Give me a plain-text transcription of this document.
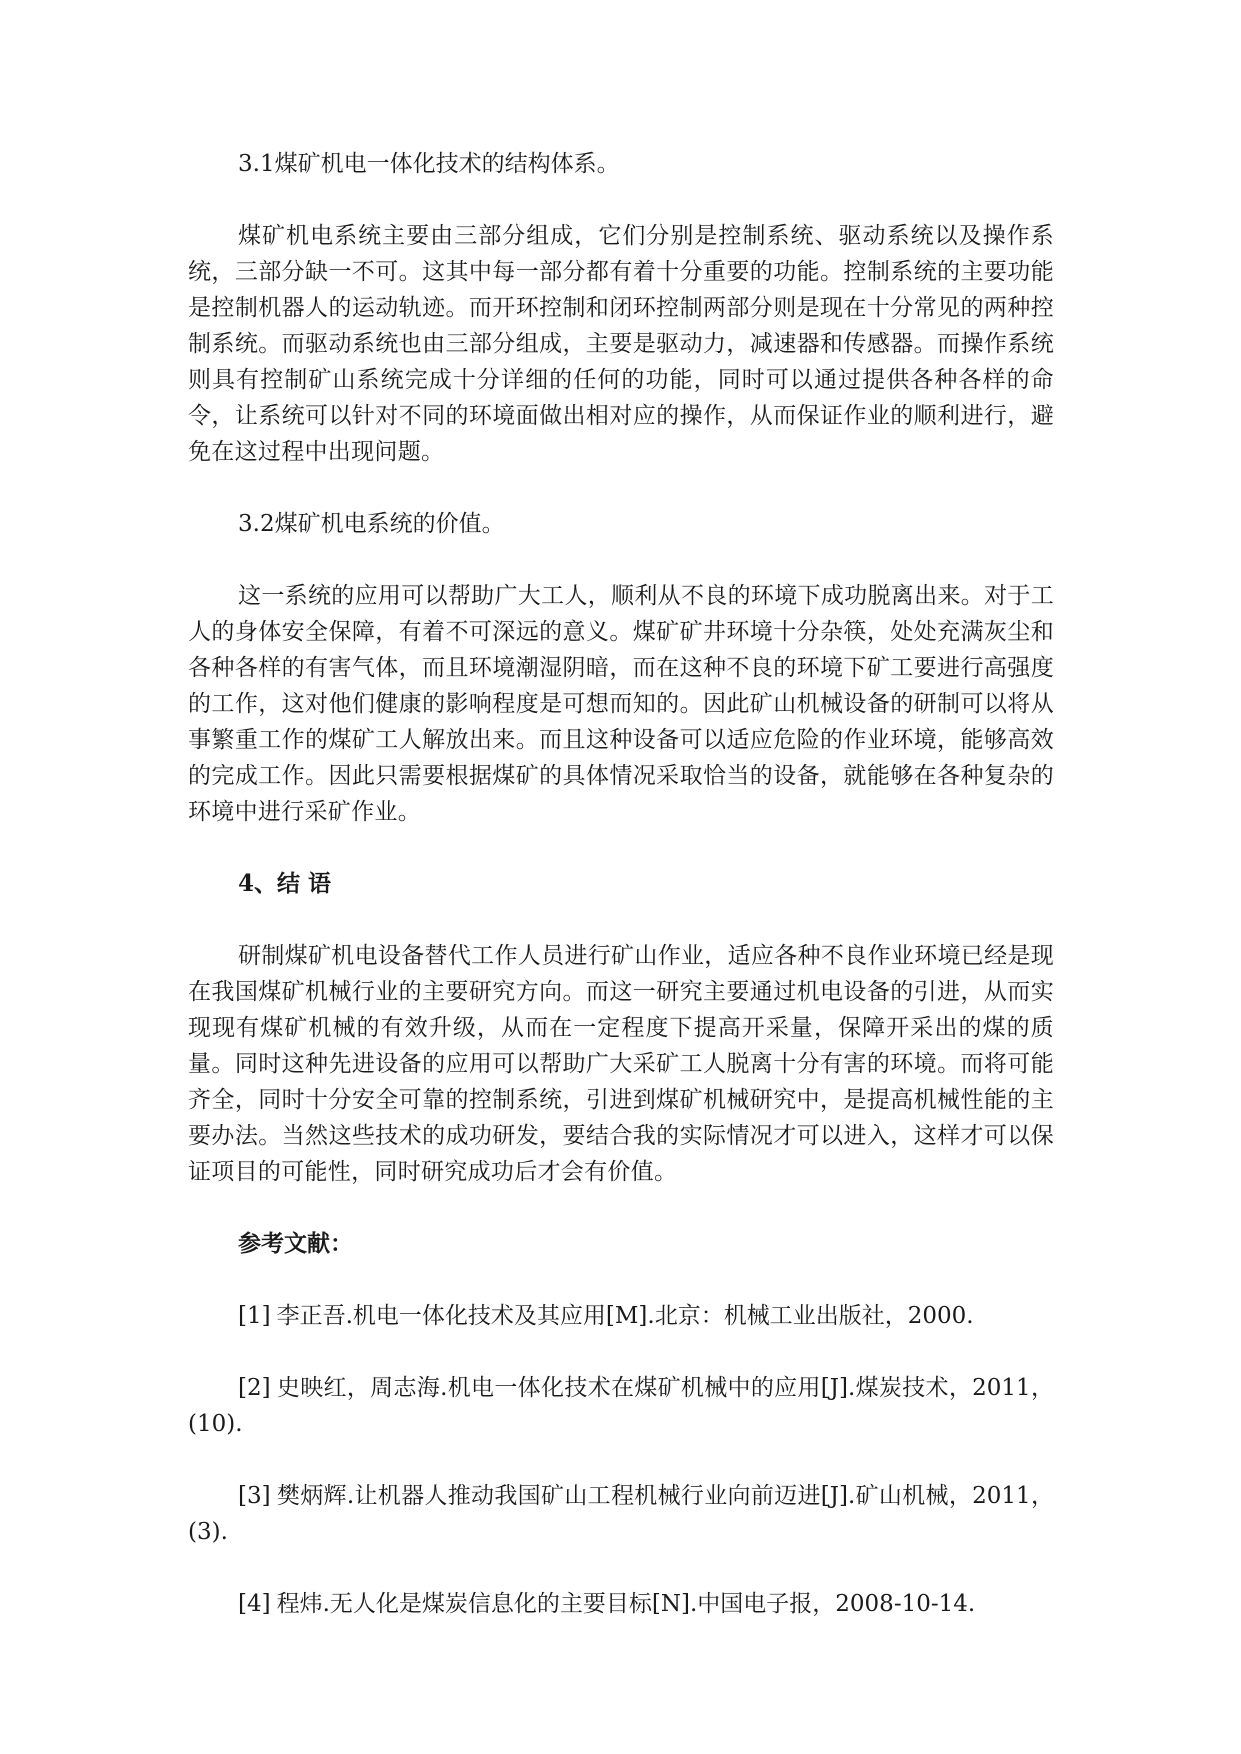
3.1煤矿机电一体化技术的结构体系。

煤矿机电系统主要由三部分组成，它们分别是控制系统、驱动系统以及操作系统，三部分缺一不可。这其中每一部分都有着十分重要的功能。控制系统的主要功能是控制机器人的运动轨迹。而开环控制和闭环控制两部分则是现在十分常见的两种控制系统。而驱动系统也由三部分组成，主要是驱动力，减速器和传感器。而操作系统则具有控制矿山系统完成十分详细的任何的功能，同时可以通过提供各种各样的命令，让系统可以针对不同的环境面做出相对应的操作，从而保证作业的顺利进行，避免在这过程中出现问题。

3.2煤矿机电系统的价值。

这一系统的应用可以帮助广大工人，顺利从不良的环境下成功脱离出来。对于工人的身体安全保障，有着不可深远的意义。煤矿矿井环境十分杂筷，处处充满灰尘和各种各样的有害气体，而且环境潮湿阴暗，而在这种不良的环境下矿工要进行高强度的工作，这对他们健康的影响程度是可想而知的。因此矿山机械设备的研制可以将从事繁重工作的煤矿工人解放出来。而且这种设备可以适应危险的作业环境，能够高效的完成工作。因此只需要根据煤矿的具体情况采取恰当的设备，就能够在各种复杂的环境中进行采矿作业。

4、结 语

研制煤矿机电设备替代工作人员进行矿山作业，适应各种不良作业环境已经是现在我国煤矿机械行业的主要研究方向。而这一研究主要通过机电设备的引进，从而实现现有煤矿机械的有效升级，从而在一定程度下提高开采量，保障开采出的煤的质量。同时这种先进设备的应用可以帮助广大采矿工人脱离十分有害的环境。而将可能齐全，同时十分安全可靠的控制系统，引进到煤矿机械研究中，是提高机械性能的主要办法。当然这些技术的成功研发，要结合我的实际情况才可以进入，这样才可以保证项目的可能性，同时研究成功后才会有价值。

参考文献：

[1] 李正吾.机电一体化技术及其应用[M].北京：机械工业出版社，2000.

[2] 史映红，周志海.机电一体化技术在煤矿机械中的应用[J].煤炭技术，2011，(10).

[3] 樊炳辉.让机器人推动我国矿山工程机械行业向前迈进[J].矿山机械，2011，(3).

[4] 程炜.无人化是煤炭信息化的主要目标[N].中国电子报，2008-10-14.
